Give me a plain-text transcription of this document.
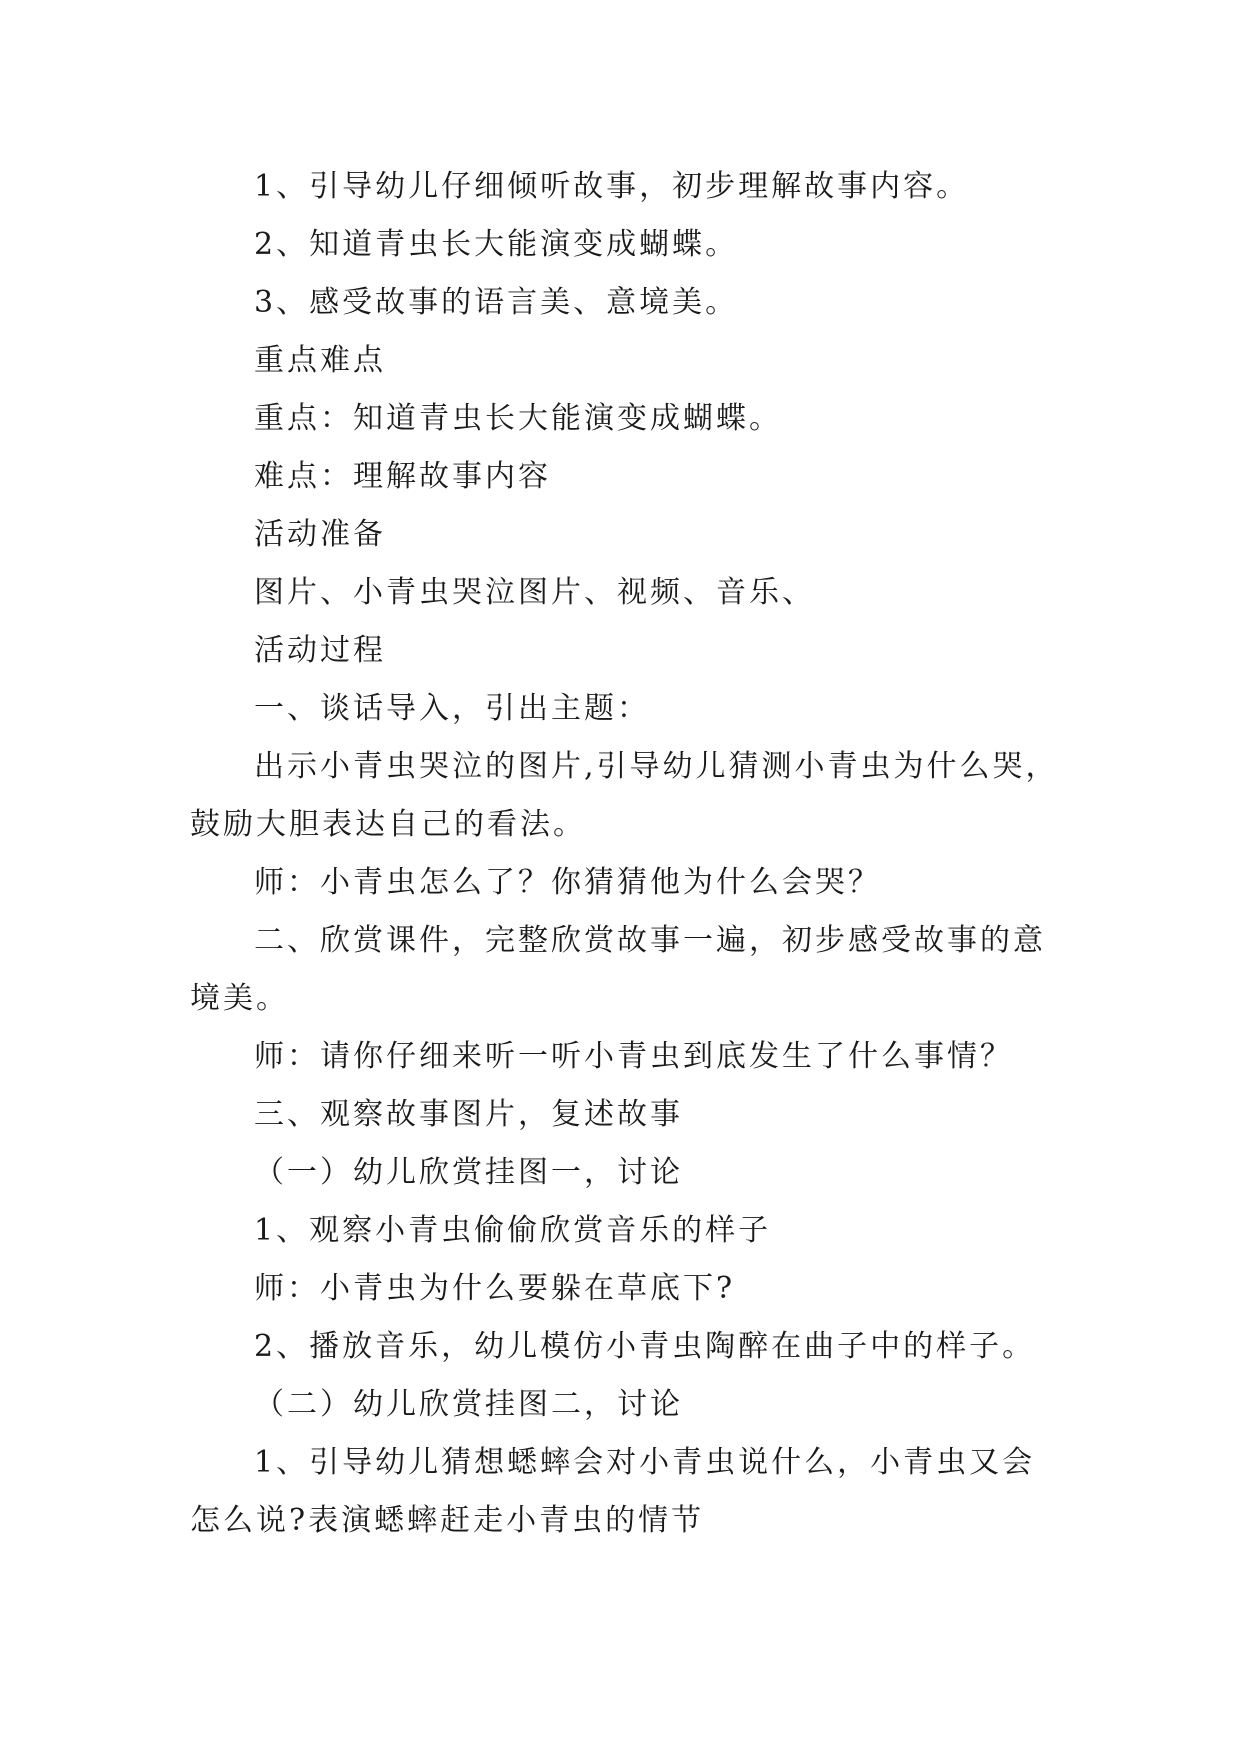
1、引导幼儿仔细倾听故事，初步理解故事内容。

2、知道青虫长大能演变成蝴蝶。

3、感受故事的语言美、意境美。

重点难点

重点：知道青虫长大能演变成蝴蝶。

难点：理解故事内容

活动准备

图片、小青虫哭泣图片、视频、音乐、

活动过程

一、谈话导入，引出主题：

出示小青虫哭泣的图片,引导幼儿猜测小青虫为什么哭，鼓励大胆表达自己的看法。

师：小青虫怎么了？你猜猜他为什么会哭？

二、欣赏课件，完整欣赏故事一遍，初步感受故事的意境美。

师：请你仔细来听一听小青虫到底发生了什么事情？

三、观察故事图片，复述故事

（一）幼儿欣赏挂图一，讨论

1、观察小青虫偷偷欣赏音乐的样子

师：小青虫为什么要躲在草底下?

2、播放音乐，幼儿模仿小青虫陶醉在曲子中的样子。

（二）幼儿欣赏挂图二，讨论

1、引导幼儿猜想蟋蟀会对小青虫说什么，小青虫又会怎么说?表演蟋蟀赶走小青虫的情节
